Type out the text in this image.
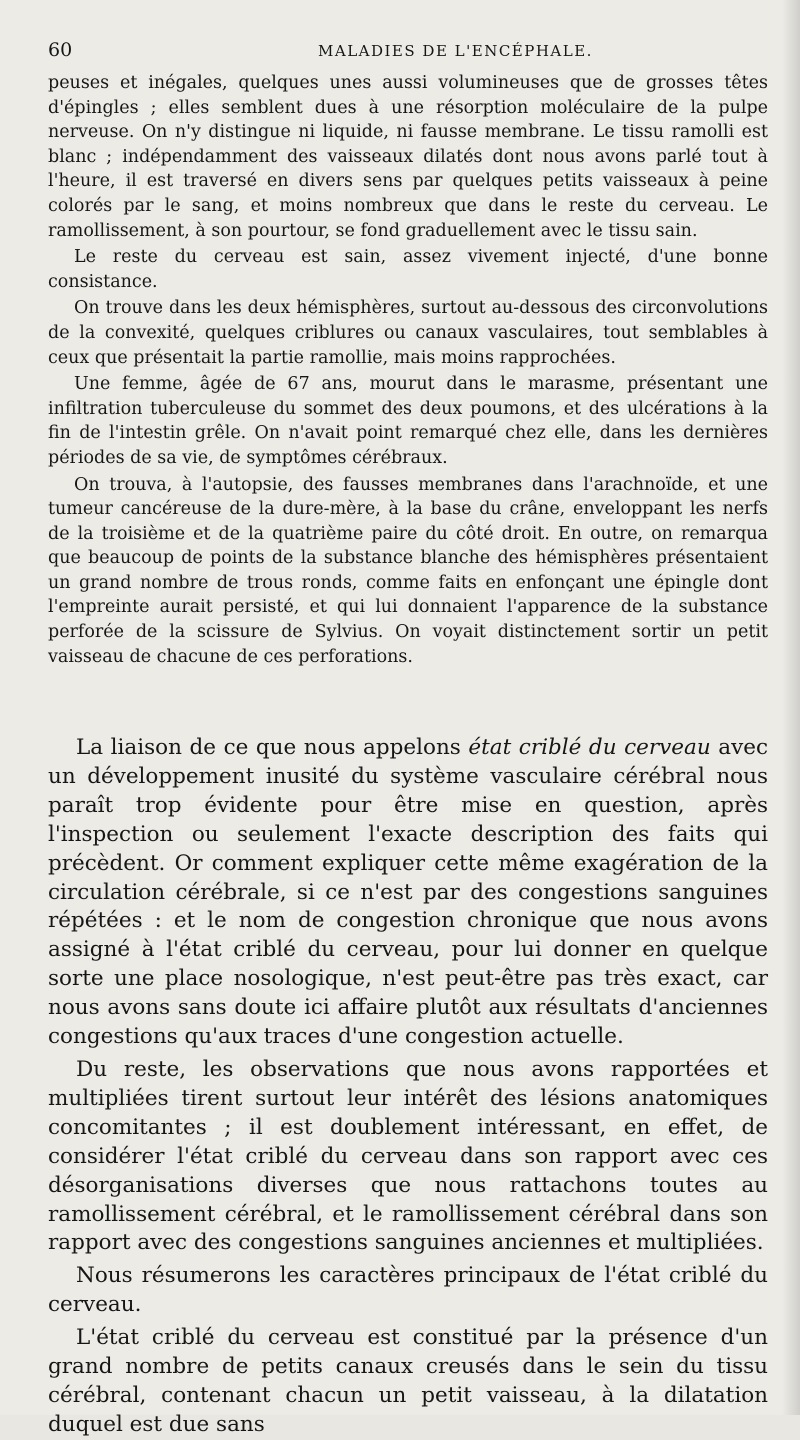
60	MALADIES DE L'ENCÉPHALE.

peuses et inégales, quelques unes aussi volumineuses que de grosses têtes d'épingles ; elles semblent dues à une résorption moléculaire de la pulpe nerveuse. On n'y distingue ni liquide, ni fausse membrane. Le tissu ramolli est blanc ; indépendamment des vaisseaux dilatés dont nous avons parlé tout à l'heure, il est traversé en divers sens par quelques petits vaisseaux à peine colorés par le sang, et moins nombreux que dans le reste du cerveau. Le ramollissement, à son pourtour, se fond graduellement avec le tissu sain.

Le reste du cerveau est sain, assez vivement injecté, d'une bonne consistance.

On trouve dans les deux hémisphères, surtout au-dessous des circonvolutions de la convexité, quelques criblures ou canaux vasculaires, tout semblables à ceux que présentait la partie ramollie, mais moins rapprochées.

Une femme, âgée de 67 ans, mourut dans le marasme, présentant une infiltration tuberculeuse du sommet des deux poumons, et des ulcérations à la fin de l'intestin grêle. On n'avait point remarqué chez elle, dans les dernières périodes de sa vie, de symptômes cérébraux.

On trouva, à l'autopsie, des fausses membranes dans l'arachnoïde, et une tumeur cancéreuse de la dure-mère, à la base du crâne, enveloppant les nerfs de la troisième et de la quatrième paire du côté droit. En outre, on remarqua que beaucoup de points de la substance blanche des hémisphères présentaient un grand nombre de trous ronds, comme faits en enfonçant une épingle dont l'empreinte aurait persisté, et qui lui donnaient l'apparence de la substance perforée de la scissure de Sylvius. On voyait distinctement sortir un petit vaisseau de chacune de ces perforations.

La liaison de ce que nous appelons état criblé du cerveau avec un développement inusité du système vasculaire cérébral nous paraît trop évidente pour être mise en question, après l'inspection ou seulement l'exacte description des faits qui précèdent. Or comment expliquer cette même exagération de la circulation cérébrale, si ce n'est par des congestions sanguines répétées : et le nom de congestion chronique que nous avons assigné à l'état criblé du cerveau, pour lui donner en quelque sorte une place nosologique, n'est peut-être pas très exact, car nous avons sans doute ici affaire plutôt aux résultats d'anciennes congestions qu'aux traces d'une congestion actuelle.

Du reste, les observations que nous avons rapportées et multipliées tirent surtout leur intérêt des lésions anatomiques concomitantes ; il est doublement intéressant, en effet, de considérer l'état criblé du cerveau dans son rapport avec ces désorganisations diverses que nous rattachons toutes au ramollissement cérébral, et le ramollissement cérébral dans son rapport avec des congestions sanguines anciennes et multipliées.

Nous résumerons les caractères principaux de l'état criblé du cerveau.

L'état criblé du cerveau est constitué par la présence d'un grand nombre de petits canaux creusés dans le sein du tissu cérébral, contenant chacun un petit vaisseau, à la dilatation duquel est due sans
